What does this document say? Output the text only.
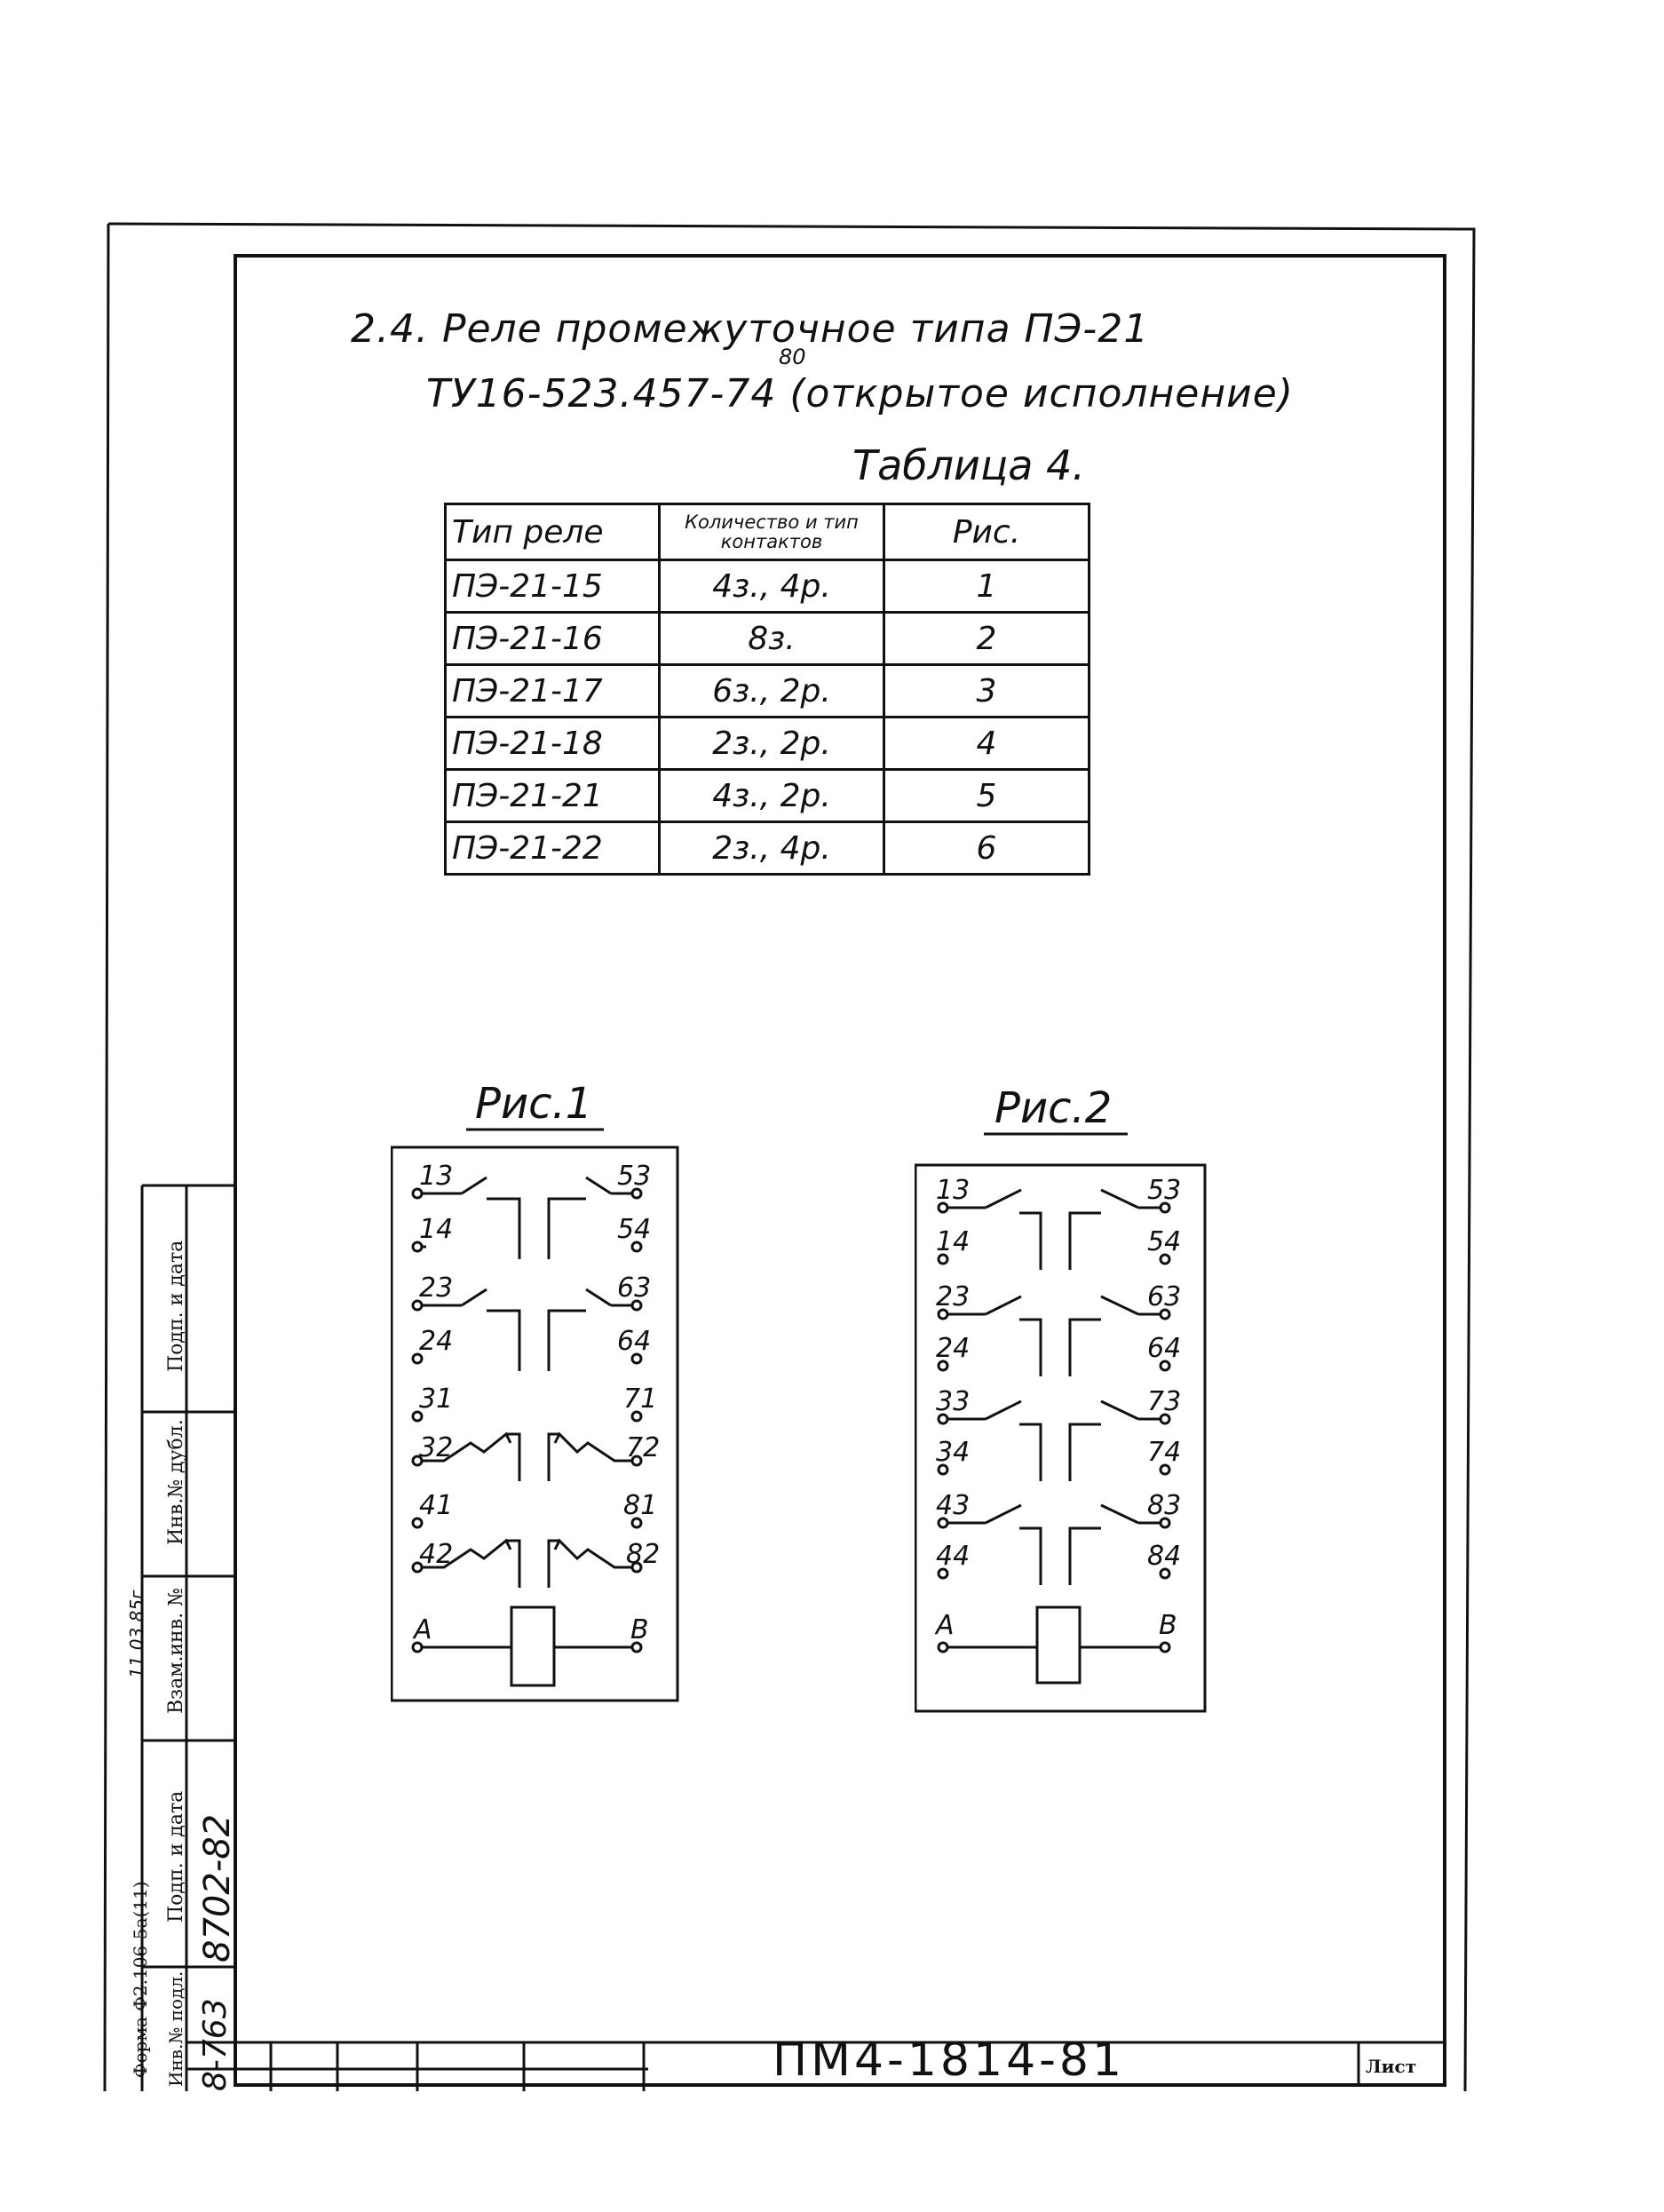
2.4. Реле промежуточное типа ПЭ-21
ТУ16-523.457-74 (открытое исполнение)
80
Таблица 4.
Тип реле	Количество и тип контактов	Рис.
ПЭ-21-15	4з., 4р.	1
ПЭ-21-16	8з.	2
ПЭ-21-17	6з., 2р.	3
ПЭ-21-18	2з., 2р.	4
ПЭ-21-21	4з., 2р.	5
ПЭ-21-22	2з., 4р.	6
Рис.1	Рис.2
13
14
23
24
31
32
41
42
A
53
54
63
64
71
72
81
82
B
13
14
23
24
33
34
43
44
A
53
54
63
64
73
74
83
84
B
Подп. и дата
Инв.№ дубл.
Взам.инв. №
Подп. и дата
Инв.№ подл.
Форма Ф2.106-5а(11) 8702-82
11.03.85г
8-763	ПМ4-1814-81	Лист
